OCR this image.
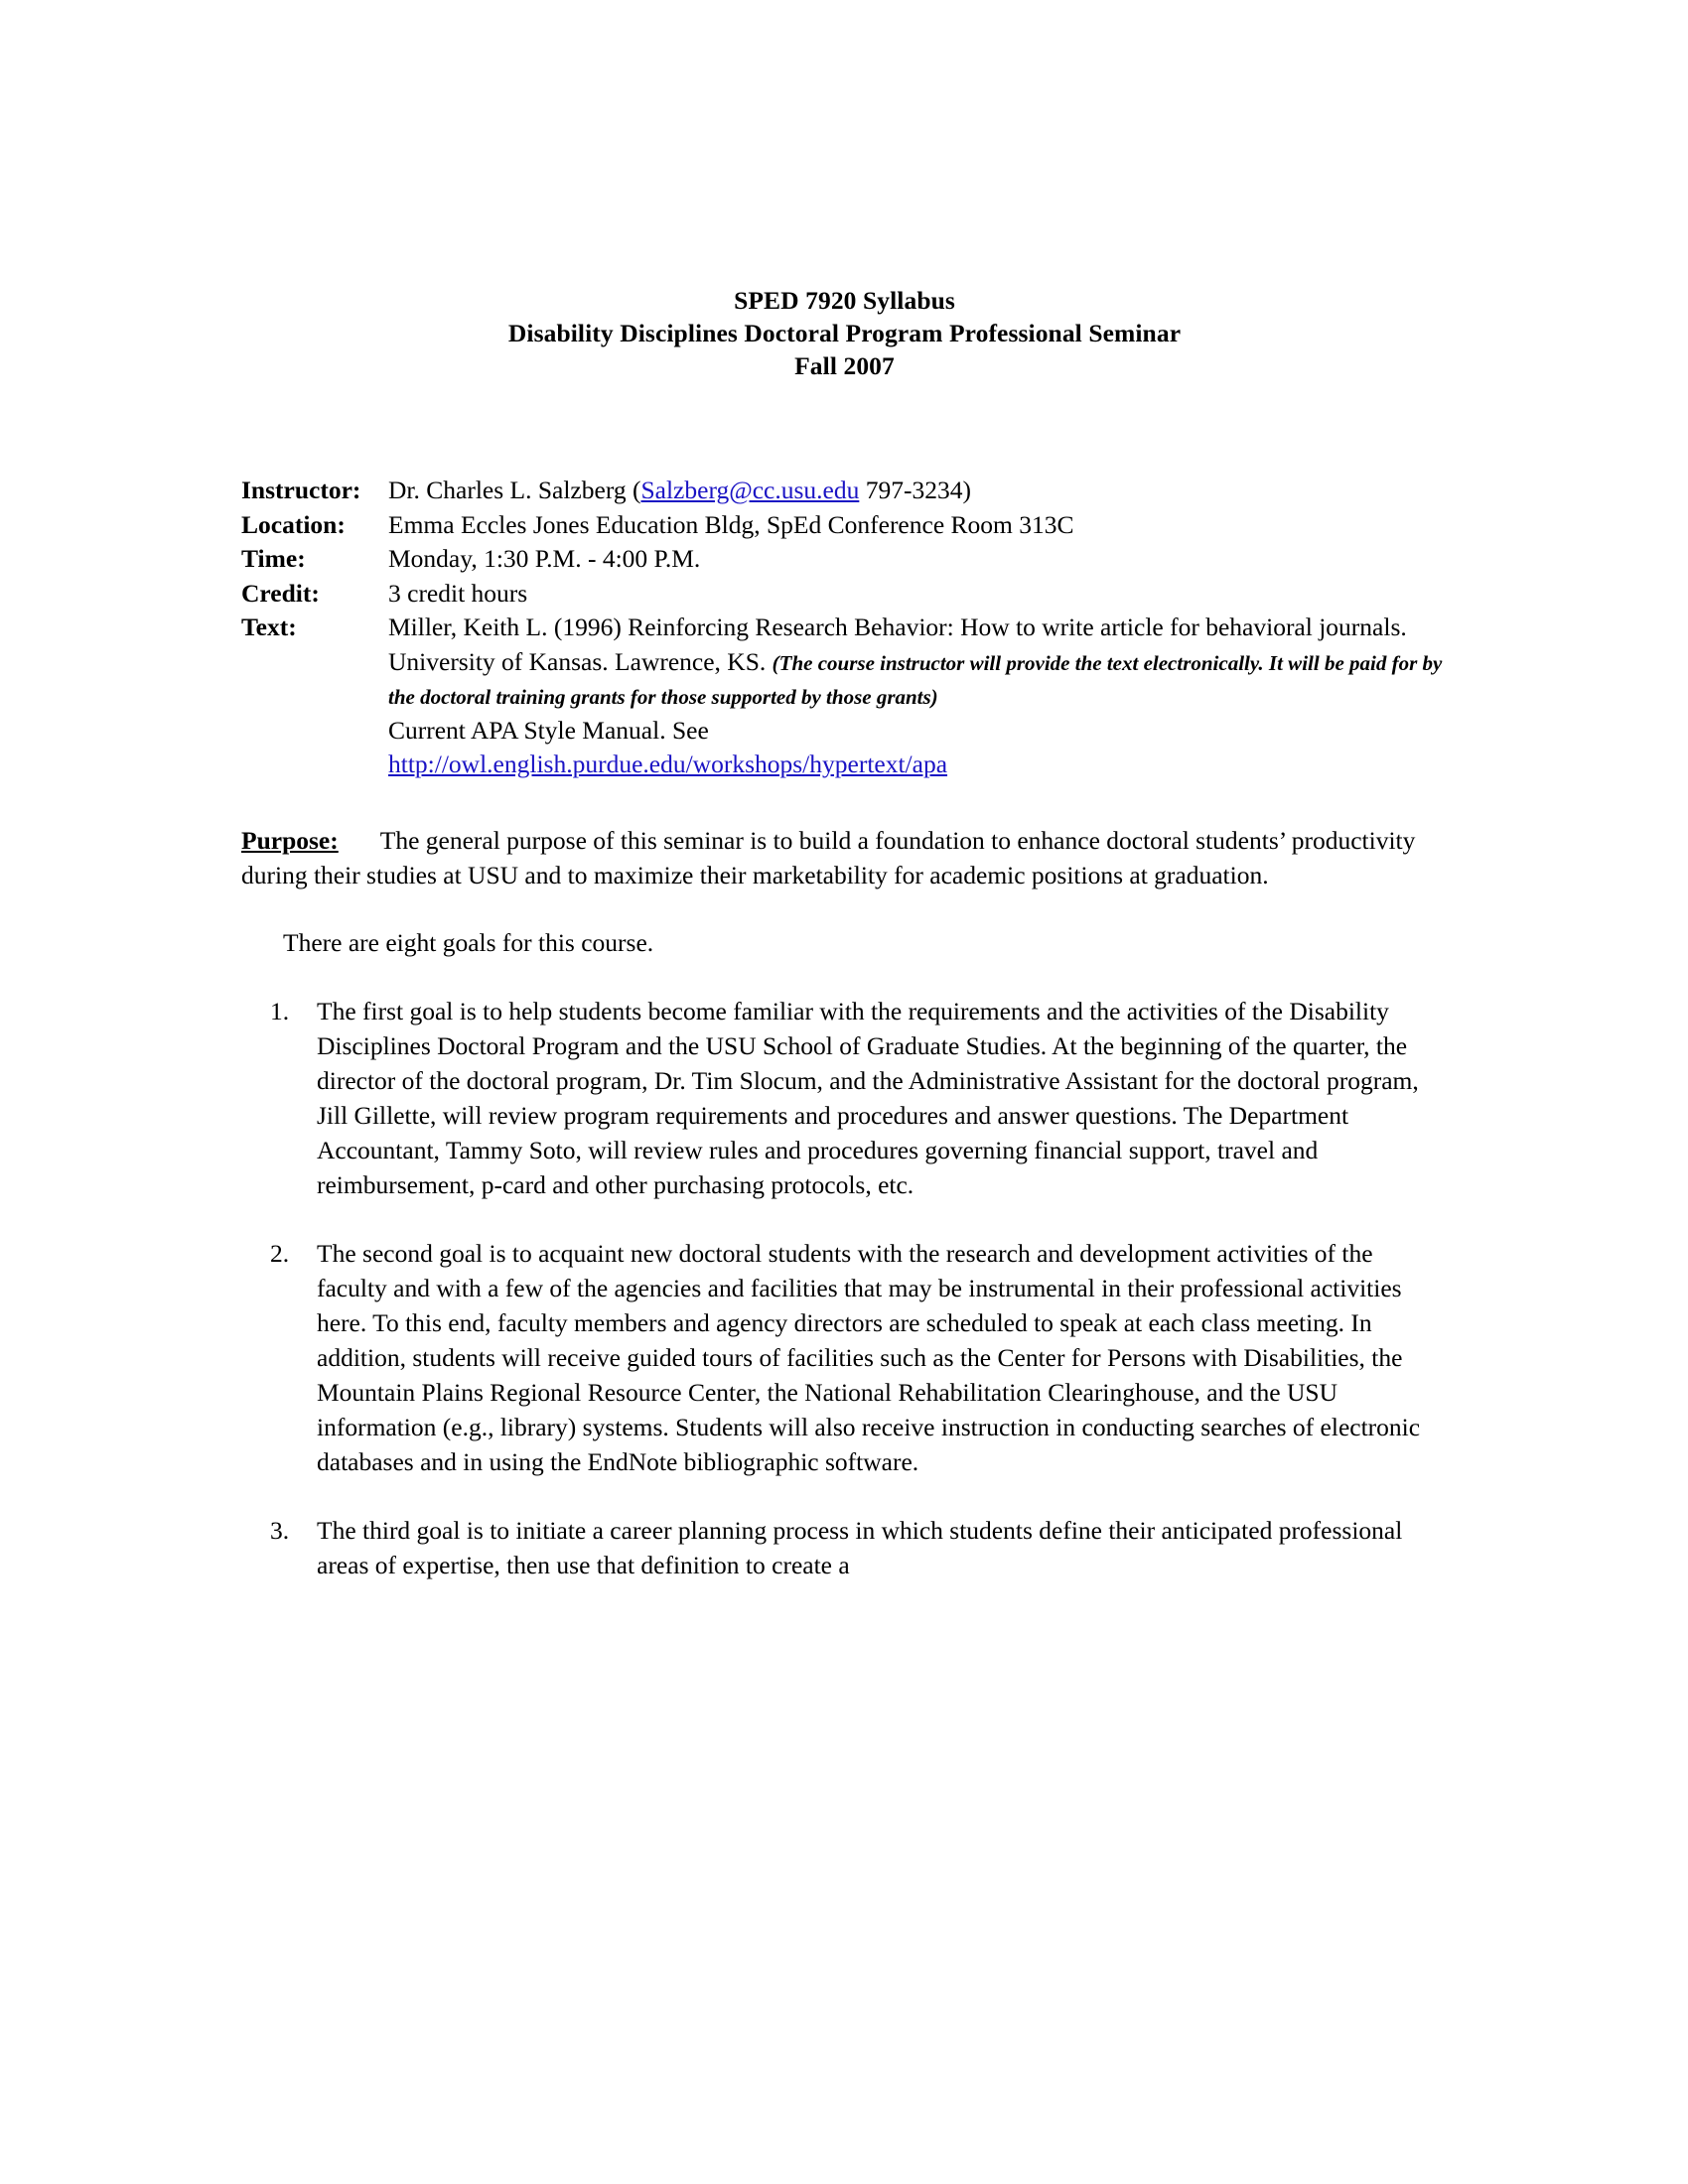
SPED 7920 Syllabus
Disability Disciplines Doctoral Program Professional Seminar
Fall 2007
Instructor:	Dr. Charles L. Salzberg (Salzberg@cc.usu.edu 797-3234)
Location:	Emma Eccles Jones Education Bldg, SpEd Conference Room 313C
Time:	Monday, 1:30 P.M. - 4:00 P.M.
Credit:	3 credit hours
Text:	Miller, Keith L. (1996) Reinforcing Research Behavior: How to write article for behavioral journals. University of Kansas. Lawrence, KS. (The course instructor will provide the text electronically. It will be paid for by the doctoral training grants for those supported by those grants)
Current APA Style Manual. See
http://owl.english.purdue.edu/workshops/hypertext/apa

Purpose: The general purpose of this seminar is to build a foundation to enhance doctoral students’ productivity during their studies at USU and to maximize their marketability for academic positions at graduation.

There are eight goals for this course.

1.	The first goal is to help students become familiar with the requirements and the activities of the Disability Disciplines Doctoral Program and the USU School of Graduate Studies. At the beginning of the quarter, the director of the doctoral program, Dr. Tim Slocum, and the Administrative Assistant for the doctoral program, Jill Gillette, will review program requirements and procedures and answer questions. The Department Accountant, Tammy Soto, will review rules and procedures governing financial support, travel and reimbursement, p-card and other purchasing protocols, etc.
2.	The second goal is to acquaint new doctoral students with the research and development activities of the faculty and with a few of the agencies and facilities that may be instrumental in their professional activities here. To this end, faculty members and agency directors are scheduled to speak at each class meeting. In addition, students will receive guided tours of facilities such as the Center for Persons with Disabilities, the Mountain Plains Regional Resource Center, the National Rehabilitation Clearinghouse, and the USU information (e.g., library) systems. Students will also receive instruction in conducting searches of electronic databases and in using the EndNote bibliographic software.
3.	The third goal is to initiate a career planning process in which students define their anticipated professional areas of expertise, then use that definition to create a
